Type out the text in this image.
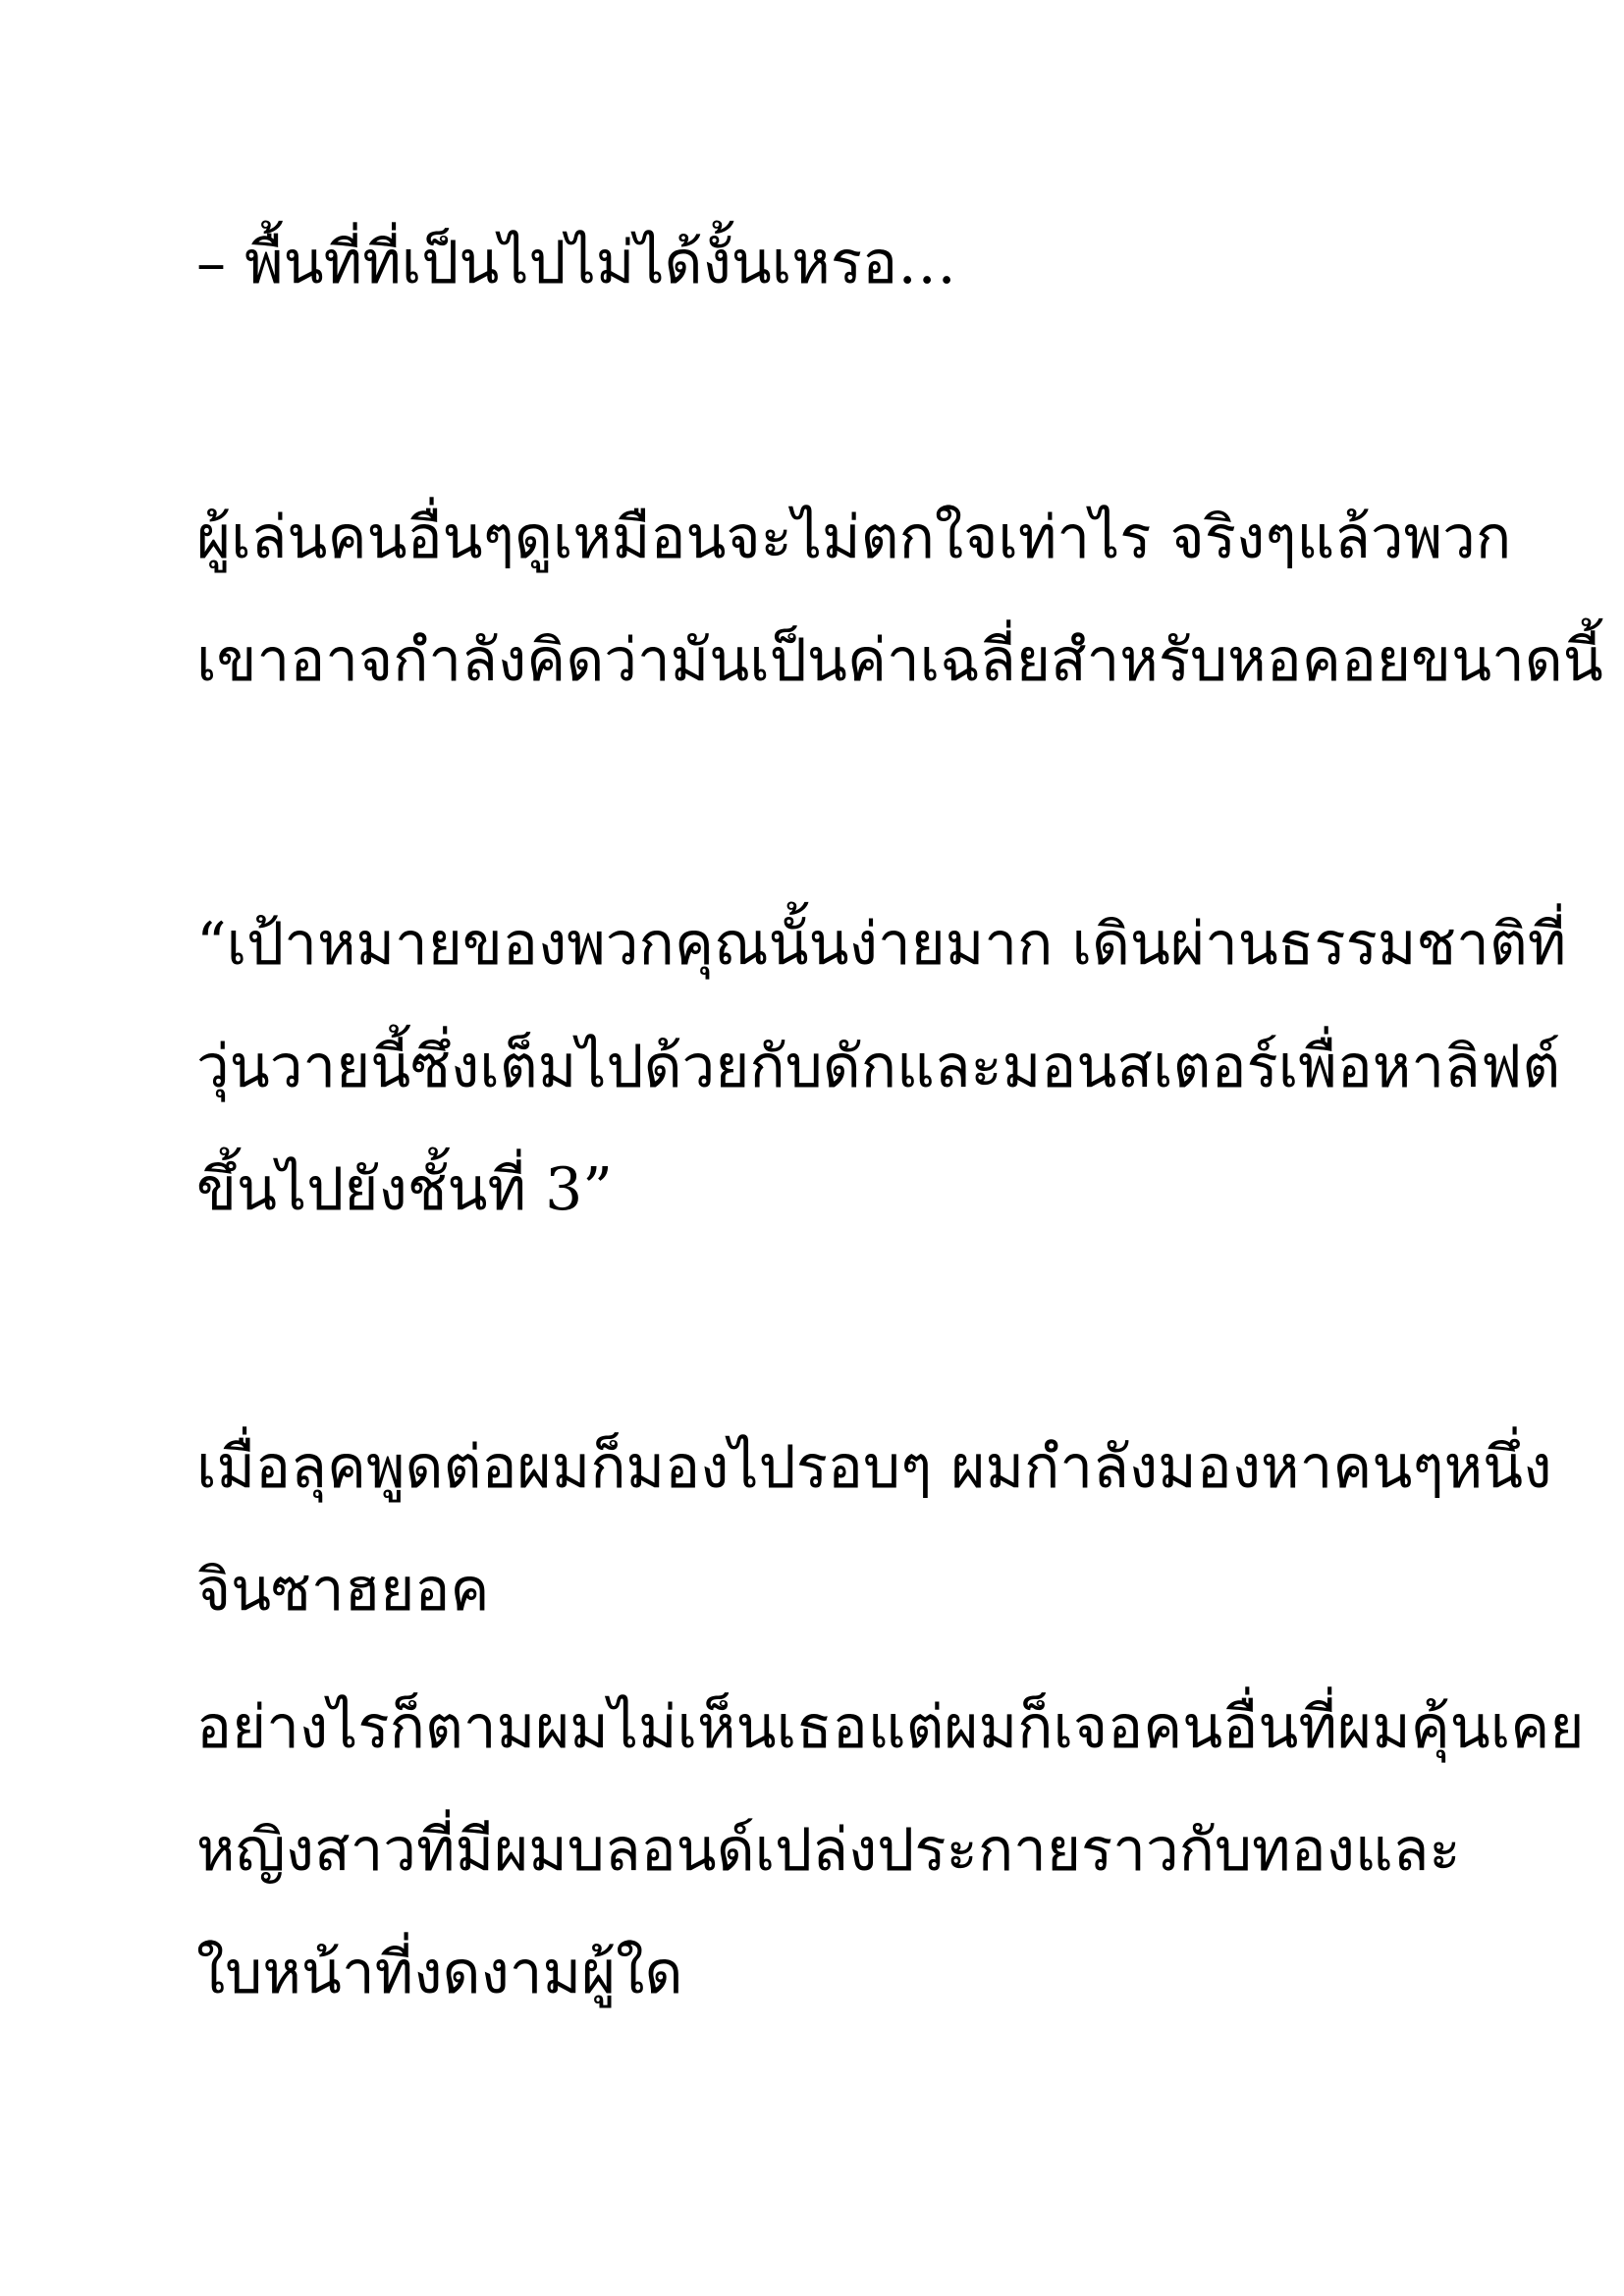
– พื้นที่ที่เป็นไปไม่ได้งั้นเหรอ…
ผู้เล่นคนอื่นๆดูเหมือนจะไม่ตกใจเท่าไร จริงๆแล้วพวก
เขาอาจกำลังคิดว่ามันเป็นค่าเฉลี่ยสำหรับหอคอยขนาดนี้
“เป้าหมายของพวกคุณนั้นง่ายมาก เดินผ่านธรรมชาติที่
วุ่นวายนี้ซึ่งเต็มไปด้วยกับดักและมอนสเตอร์เพื่อหาลิฟต์
ขึ้นไปยังชั้นที่ 3”
เมื่อลุคพูดต่อผมก็มองไปรอบๆ ผมกำลังมองหาคนๆหนึ่ง
จินซาฮยอค
อย่างไรก็ตามผมไม่เห็นเธอแต่ผมก็เจอคนอื่นที่ผมคุ้นเคย
หญิงสาวที่มีผมบลอนด์เปล่งประกายราวกับทองและ
ใบหน้าที่งดงามผู้ใด
